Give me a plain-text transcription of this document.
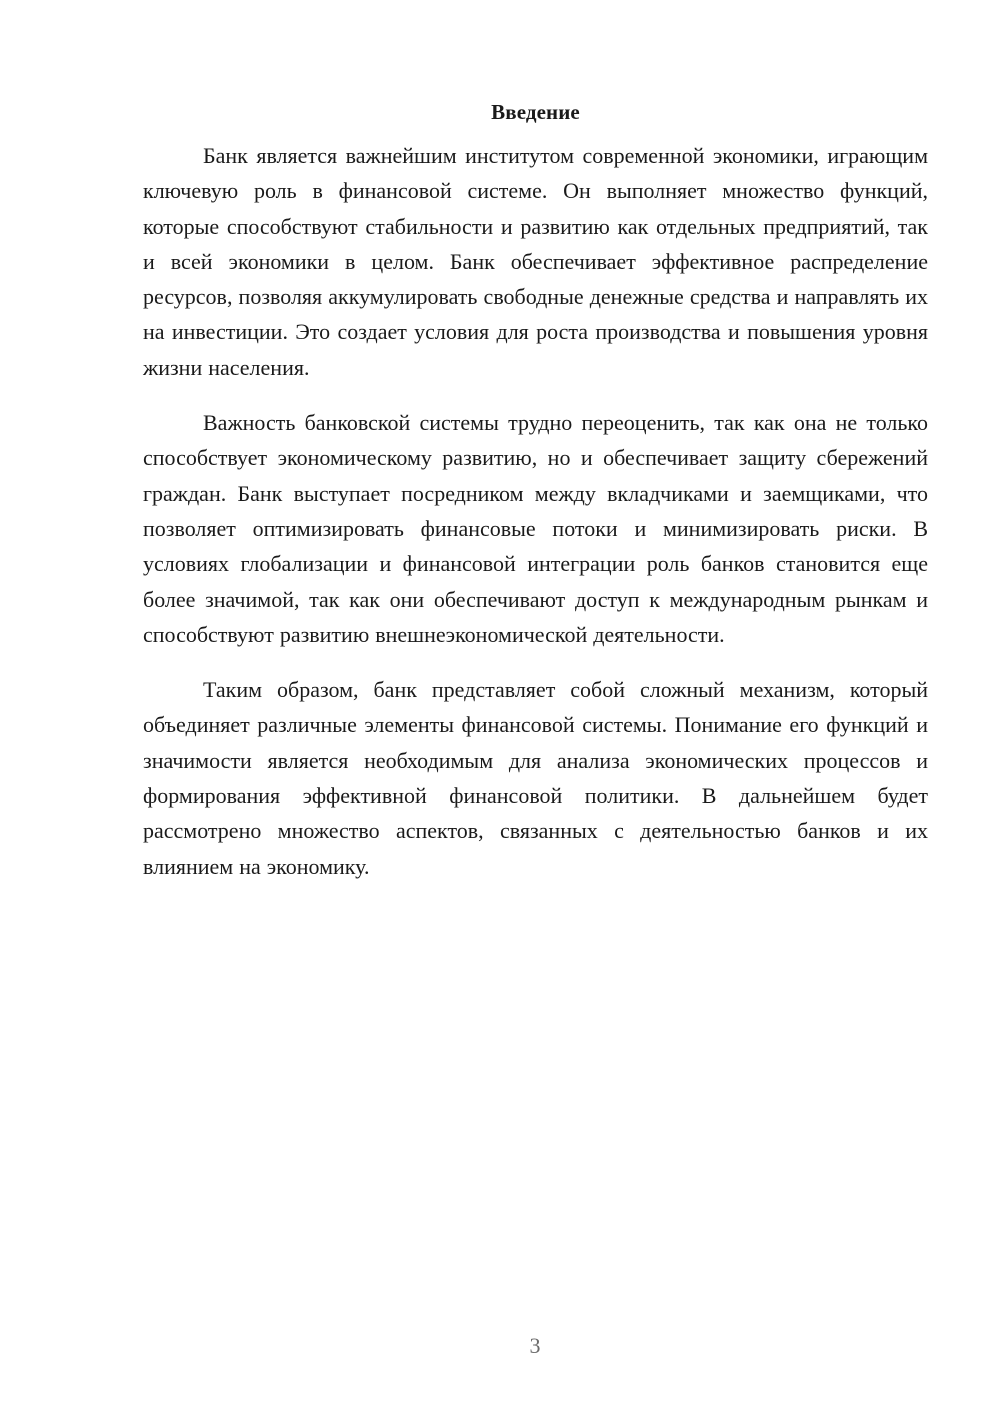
Введение

Банк является важнейшим институтом современной экономики, играющим ключевую роль в финансовой системе. Он выполняет множество функций, которые способствуют стабильности и развитию как отдельных предприятий, так и всей экономики в целом. Банк обеспечивает эффективное распределение ресурсов, позволяя аккумулировать свободные денежные средства и направлять их на инвестиции. Это создает условия для роста производства и повышения уровня жизни населения.

Важность банковской системы трудно переоценить, так как она не только способствует экономическому развитию, но и обеспечивает защиту сбережений граждан. Банк выступает посредником между вкладчиками и заемщиками, что позволяет оптимизировать финансовые потоки и минимизировать риски. В условиях глобализации и финансовой интеграции роль банков становится еще более значимой, так как они обеспечивают доступ к международным рынкам и способствуют развитию внешнеэкономической деятельности.

Таким образом, банк представляет собой сложный механизм, который объединяет различные элементы финансовой системы. Понимание его функций и значимости является необходимым для анализа экономических процессов и формирования эффективной финансовой политики. В дальнейшем будет рассмотрено множество аспектов, связанных с деятельностью банков и их влиянием на экономику.

3
